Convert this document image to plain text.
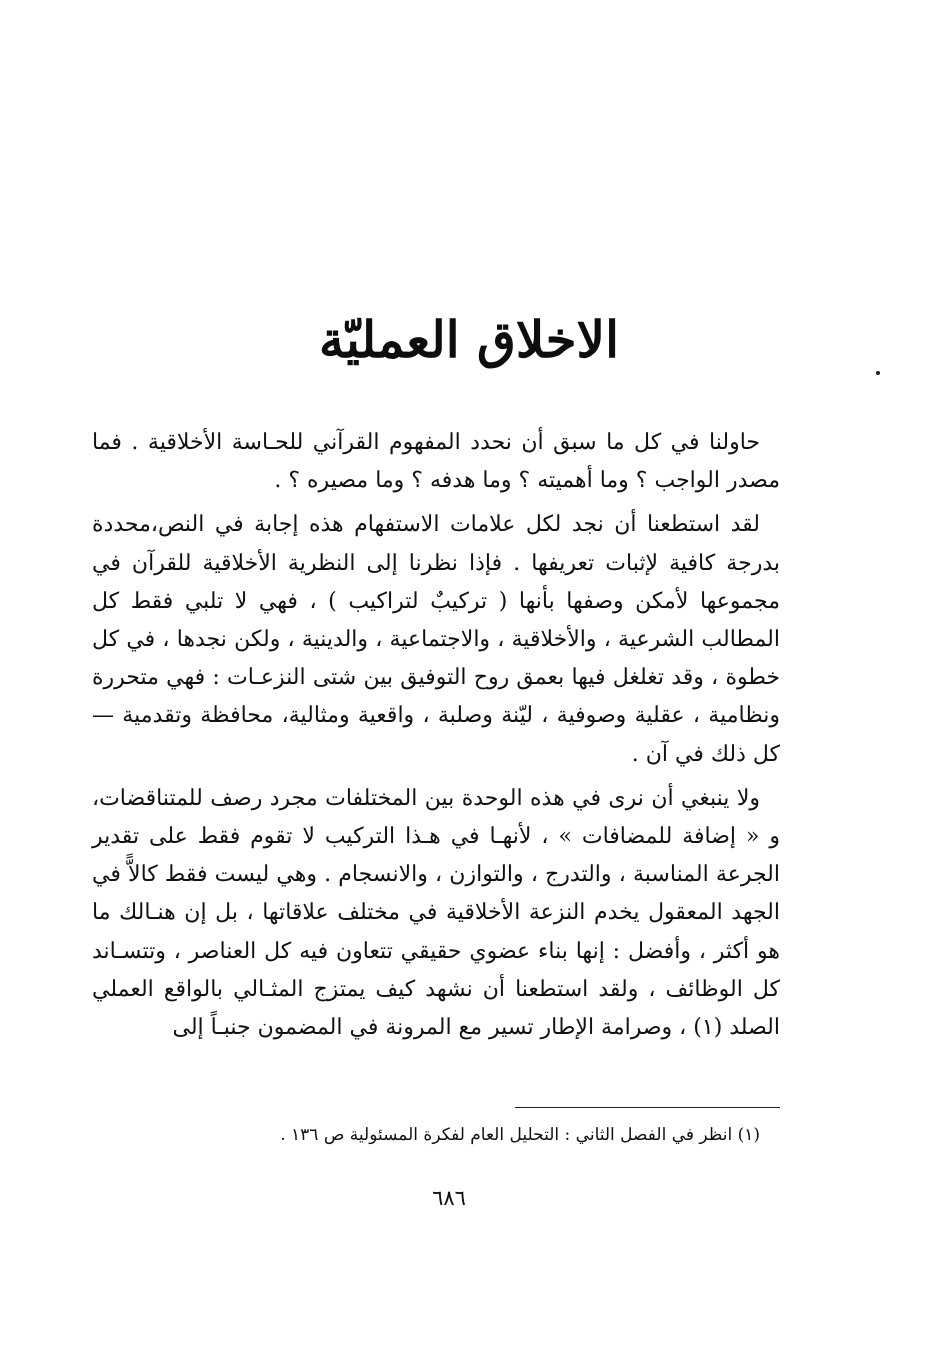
الاخلاق العمليّة

حاولنا في كل ما سبق أن نحدد المفهوم القرآني للحـاسة الأخلاقية . فما مصدر الواجب ؟ وما أهميته ؟ وما هدفه ؟ وما مصيره ؟ .

لقد استطعنا أن نجد لكل علامات الاستفهام هذه إجابة في النص،محددة بدرجة كافية لإثبات تعريفها . فإذا نظرنا إلى النظرية الأخلاقية للقرآن في مجموعها لأمكن وصفها بأنها ( تركيبٌ لتراكيب ) ، فهي لا تلبي فقط كل المطالب الشرعية ، والأخلاقية ، والاجتماعية ، والدينية ، ولكن نجدها ، في كل خطوة ، وقد تغلغل فيها بعمق روح التوفيق بين شتى النزعـات : فهي متحررة ونظامية ، عقلية وصوفية ، ليّنة وصلبة ، واقعية ومثالية، محافظة وتقدمية — كل ذلك في آن .

ولا ينبغي أن نرى في هذه الوحدة بين المختلفات مجرد رصف للمتناقضات، و « إضافة للمضافات » ، لأنهـا في هـذا التركيب لا تقوم فقط على تقدير الجرعة المناسبة ، والتدرج ، والتوازن ، والانسجام . وهي ليست فقط كالاًّ في الجهد المعقول يخدم النزعة الأخلاقية في مختلف علاقاتها ، بل إن هنـالك ما هو أكثر ، وأفضل : إنها بناء عضوي حقيقي تتعاون فيه كل العناصر ، وتتسـاند كل الوظائف ، ولقد استطعنا أن نشهد كيف يمتزج المثـالي بالواقع العملي الصلد (١) ، وصرامة الإطار تسير مع المرونة في المضمون جنبـاً إلى

(١) انظر في الفصل الثاني : التحليل العام لفكرة المسئولية ص ١٣٦ .
٦٨٦
